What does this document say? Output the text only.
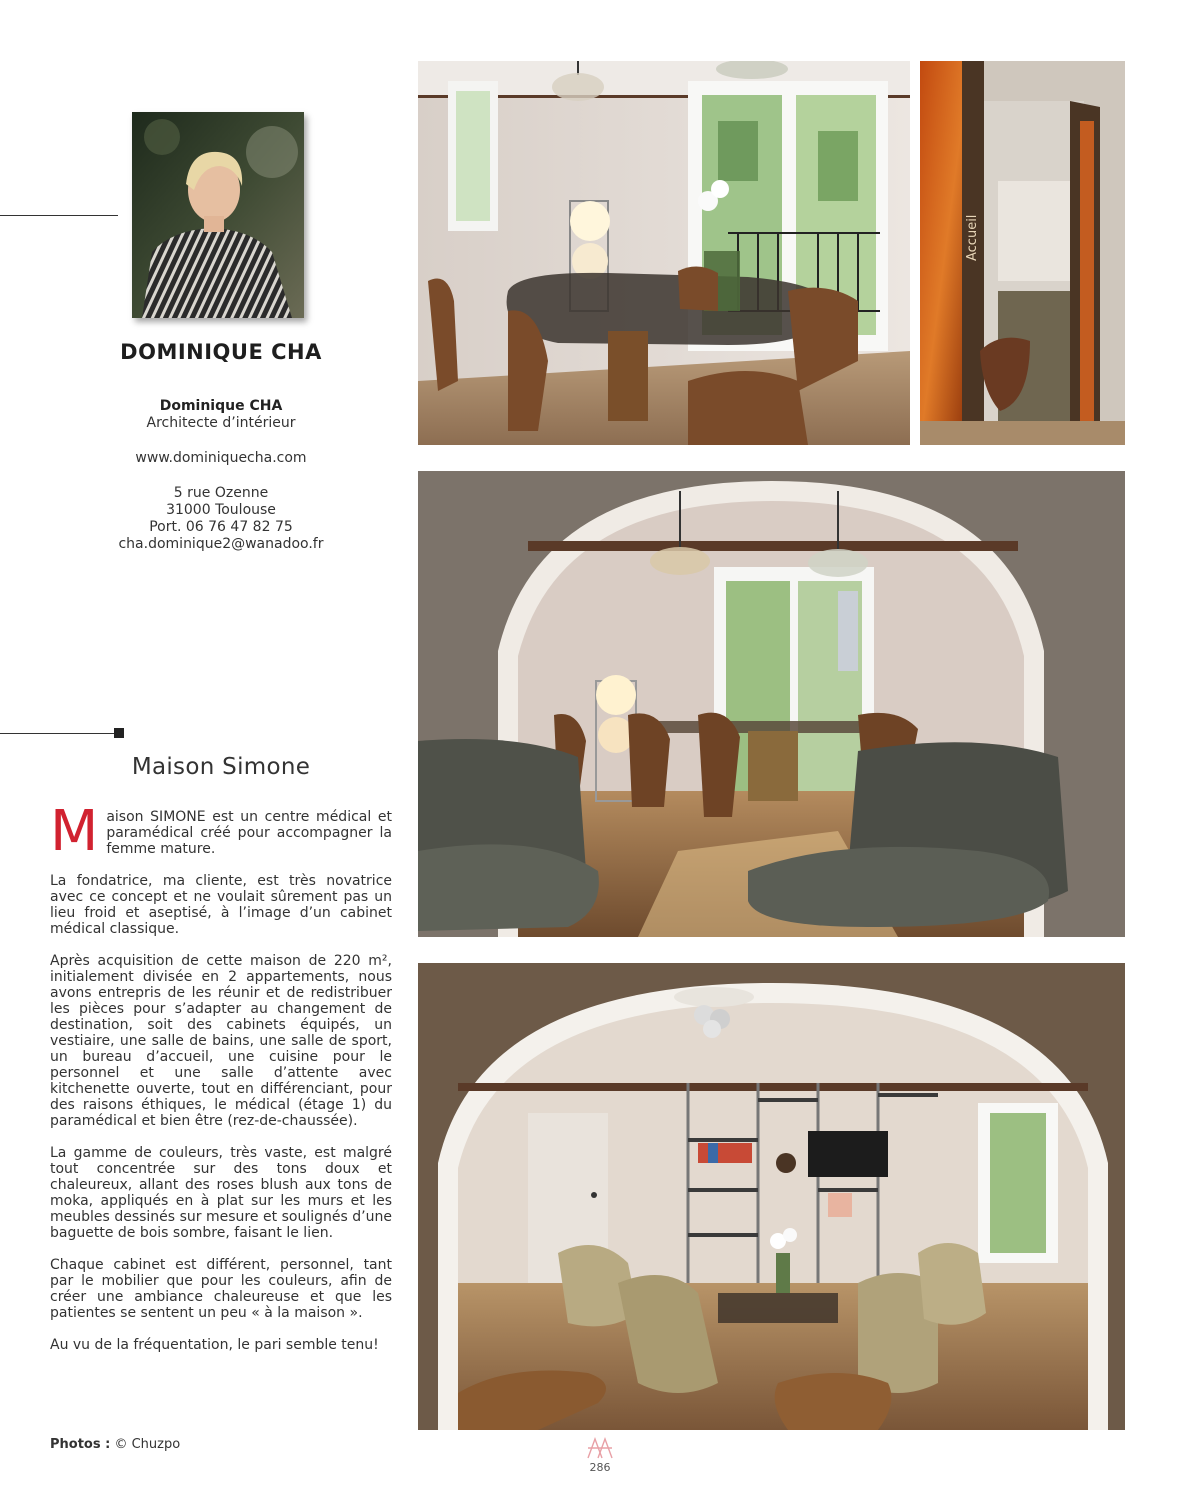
DOMINIQUE CHA
Dominique CHA
Architecte d’intérieur
www.dominiquecha.com
5 rue Ozenne
31000 Toulouse
Port. 06 76 47 82 75
cha.dominique2@wanadoo.fr
Maison Simone

Maison SIMONE est un centre médical et paramédical créé pour accompagner la femme mature.

La fondatrice, ma cliente, est très novatrice avec ce concept et ne voulait sûrement pas un lieu froid et aseptisé, à l’image d’un cabinet médical classique.

Après acquisition de cette maison de 220 m², initialement divisée en 2 appartements, nous avons entrepris de les réunir et de redistribuer les pièces pour s’adapter au changement de destination, soit des cabinets équipés, un vestiaire, une salle de bains, une salle de sport, un bureau d’accueil, une cuisine pour le personnel et une salle d’attente avec kitchenette ouverte, tout en différenciant, pour des raisons éthiques, le médical (étage 1) du paramédical et bien être (rez-de-chaussée).

La gamme de couleurs, très vaste, est malgré tout concentrée sur des tons doux et chaleureux, allant des roses blush aux tons de moka, appliqués en à plat sur les murs et les meubles dessinés sur mesure et soulignés d’une baguette de bois sombre, faisant le lien.

Chaque cabinet est différent, personnel, tant par le mobilier que pour les couleurs, afin de créer une ambiance chaleureuse et que les patientes se sentent un peu « à la maison ».

Au vu de la fréquentation, le pari semble tenu!

Photos : © Chuzpo
Accueil
286
